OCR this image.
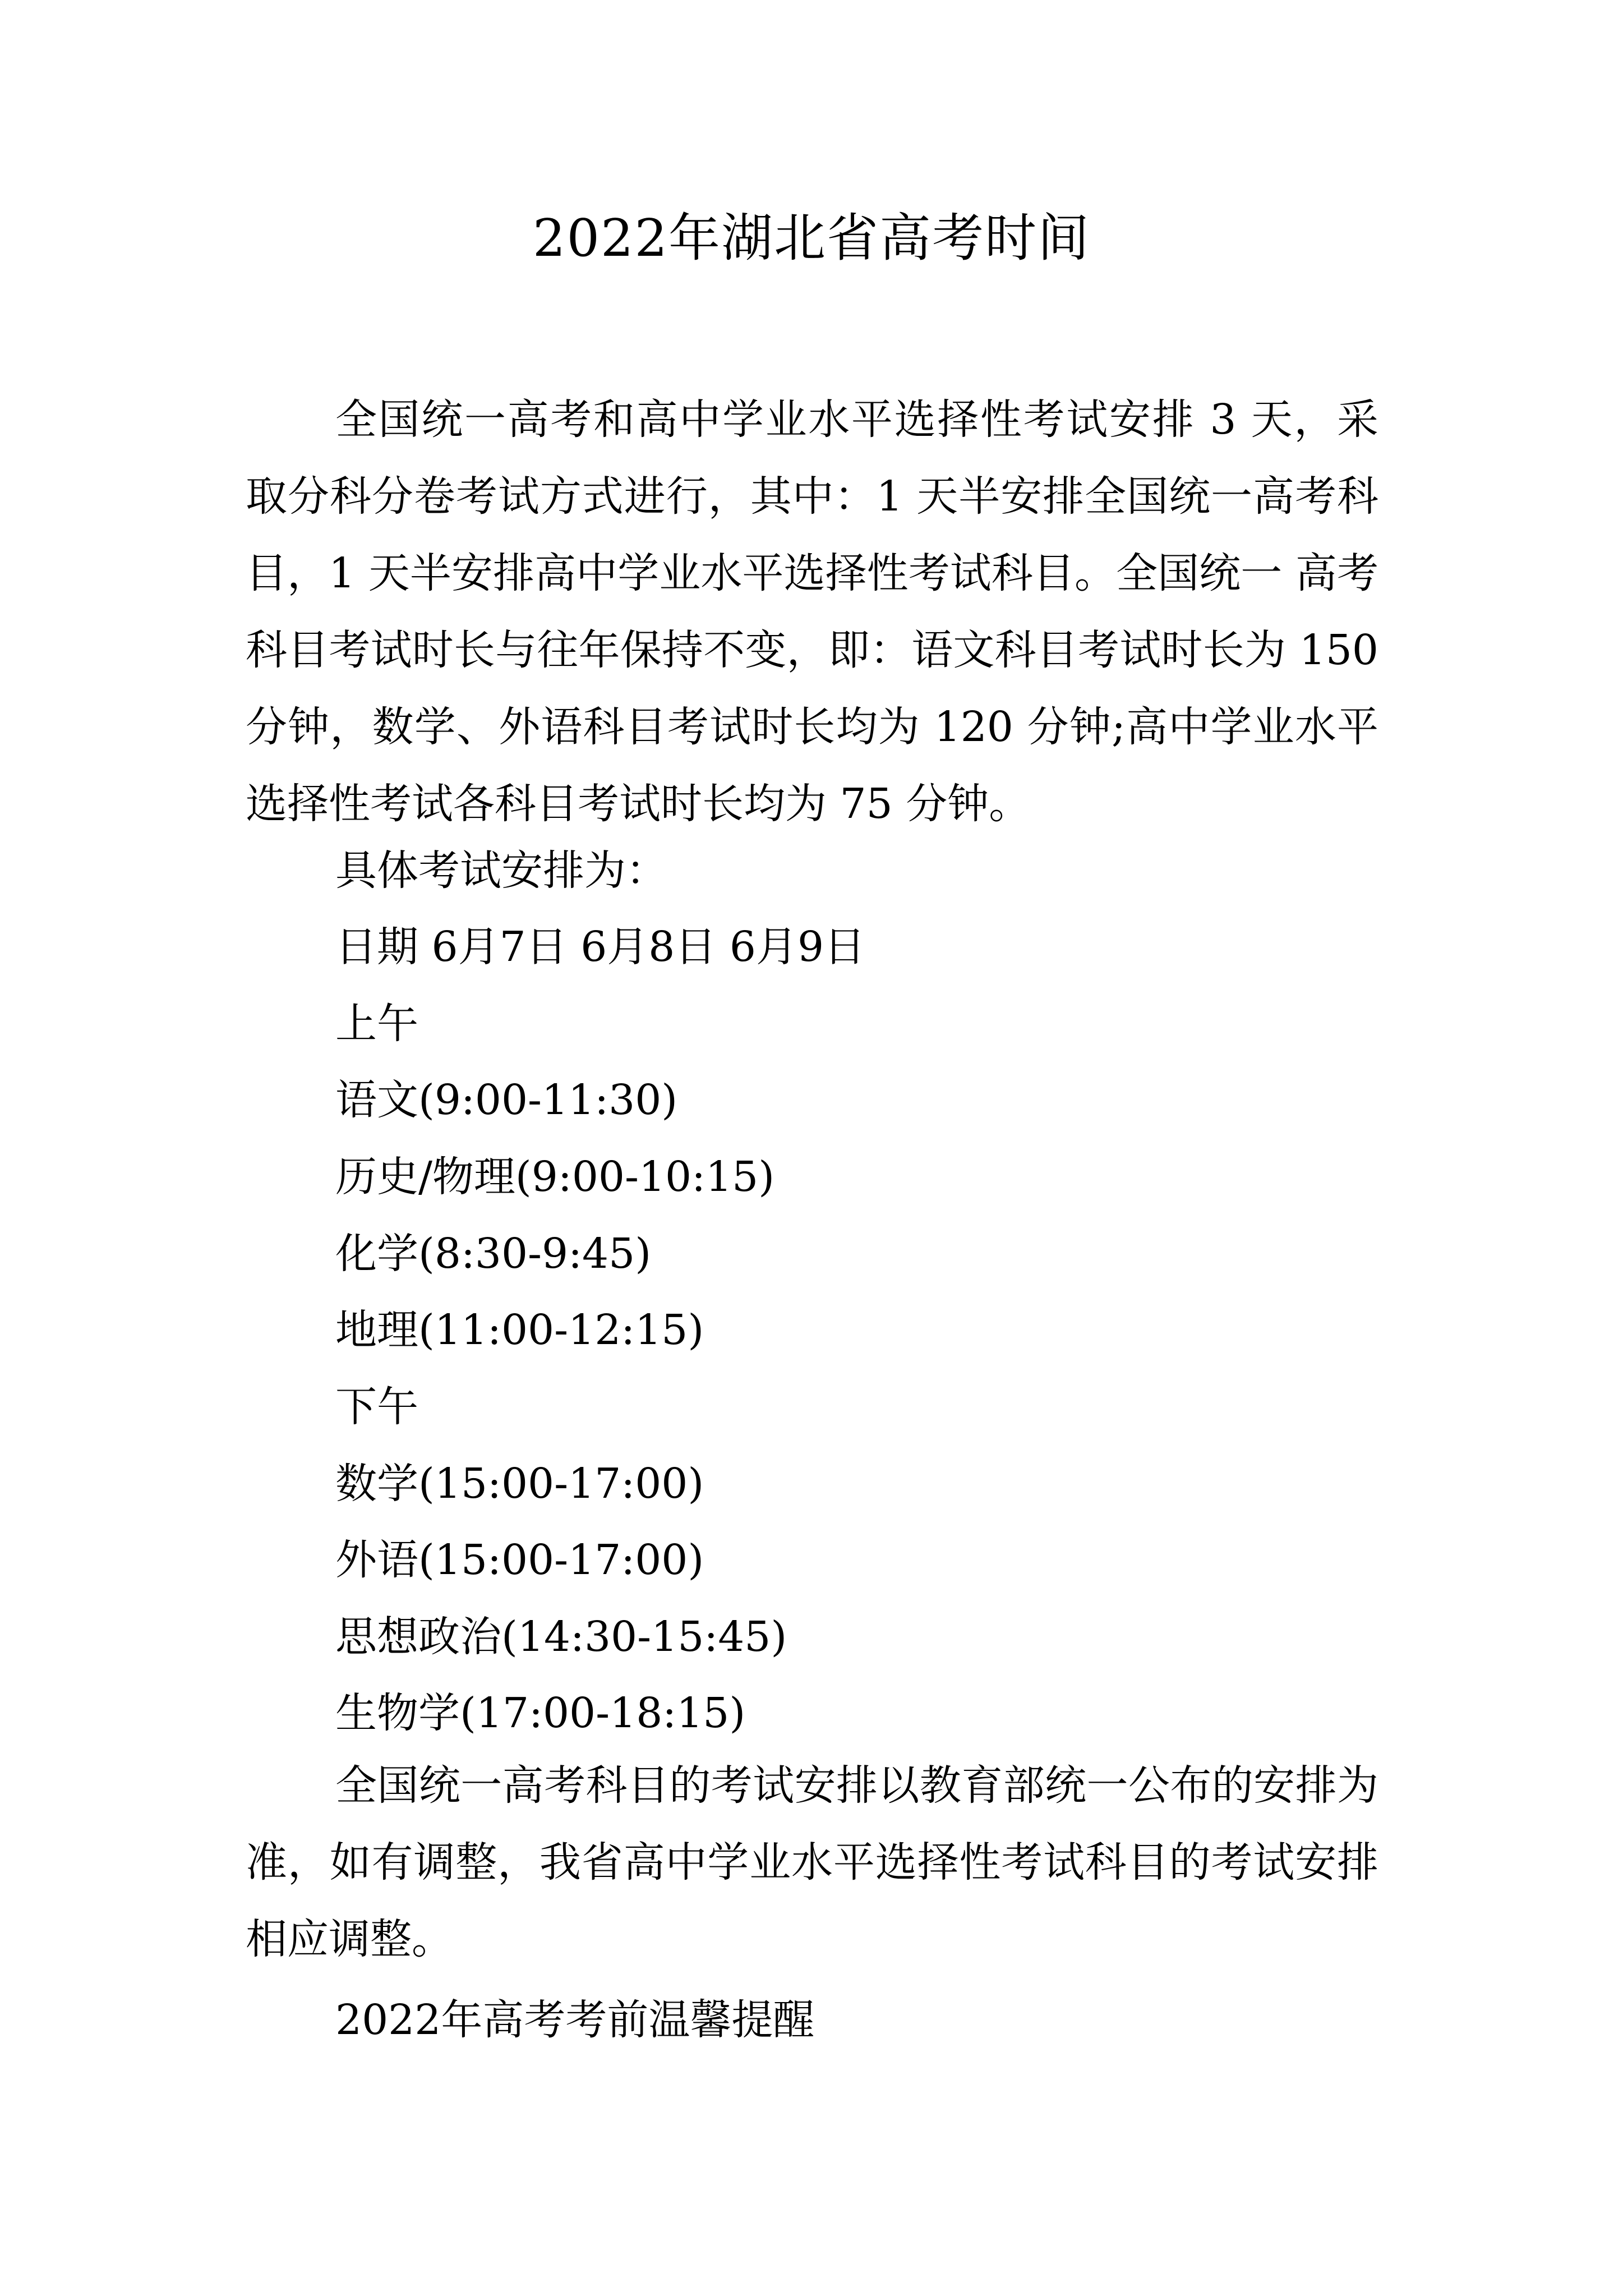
2022年湖北省高考时间

全国统一高考和高中学业水平选择性考试安排 3 天，采取分科分卷考试方式进行，其中：1 天半安排全国统一高考科目，1 天半安排高中学业水平选择性考试科目。全国统一 高考科目考试时长与往年保持不变，即：语文科目考试时长为 150 分钟，数学、外语科目考试时长均为 120 分钟;高中学业水平选择性考试各科目考试时长均为 75 分钟。

具体考试安排为：

日期 6月7日 6月8日 6月9日

上午

语文(9:00-11:30)

历史/物理(9:00-10:15)

化学(8:30-9:45)

地理(11:00-12:15)

下午

数学(15:00-17:00)

外语(15:00-17:00)

思想政治(14:30-15:45)

生物学(17:00-18:15)

全国统一高考科目的考试安排以教育部统一公布的安排为准，如有调整，我省高中学业水平选择性考试科目的考试安排相应调整。

2022年高考考前温馨提醒
